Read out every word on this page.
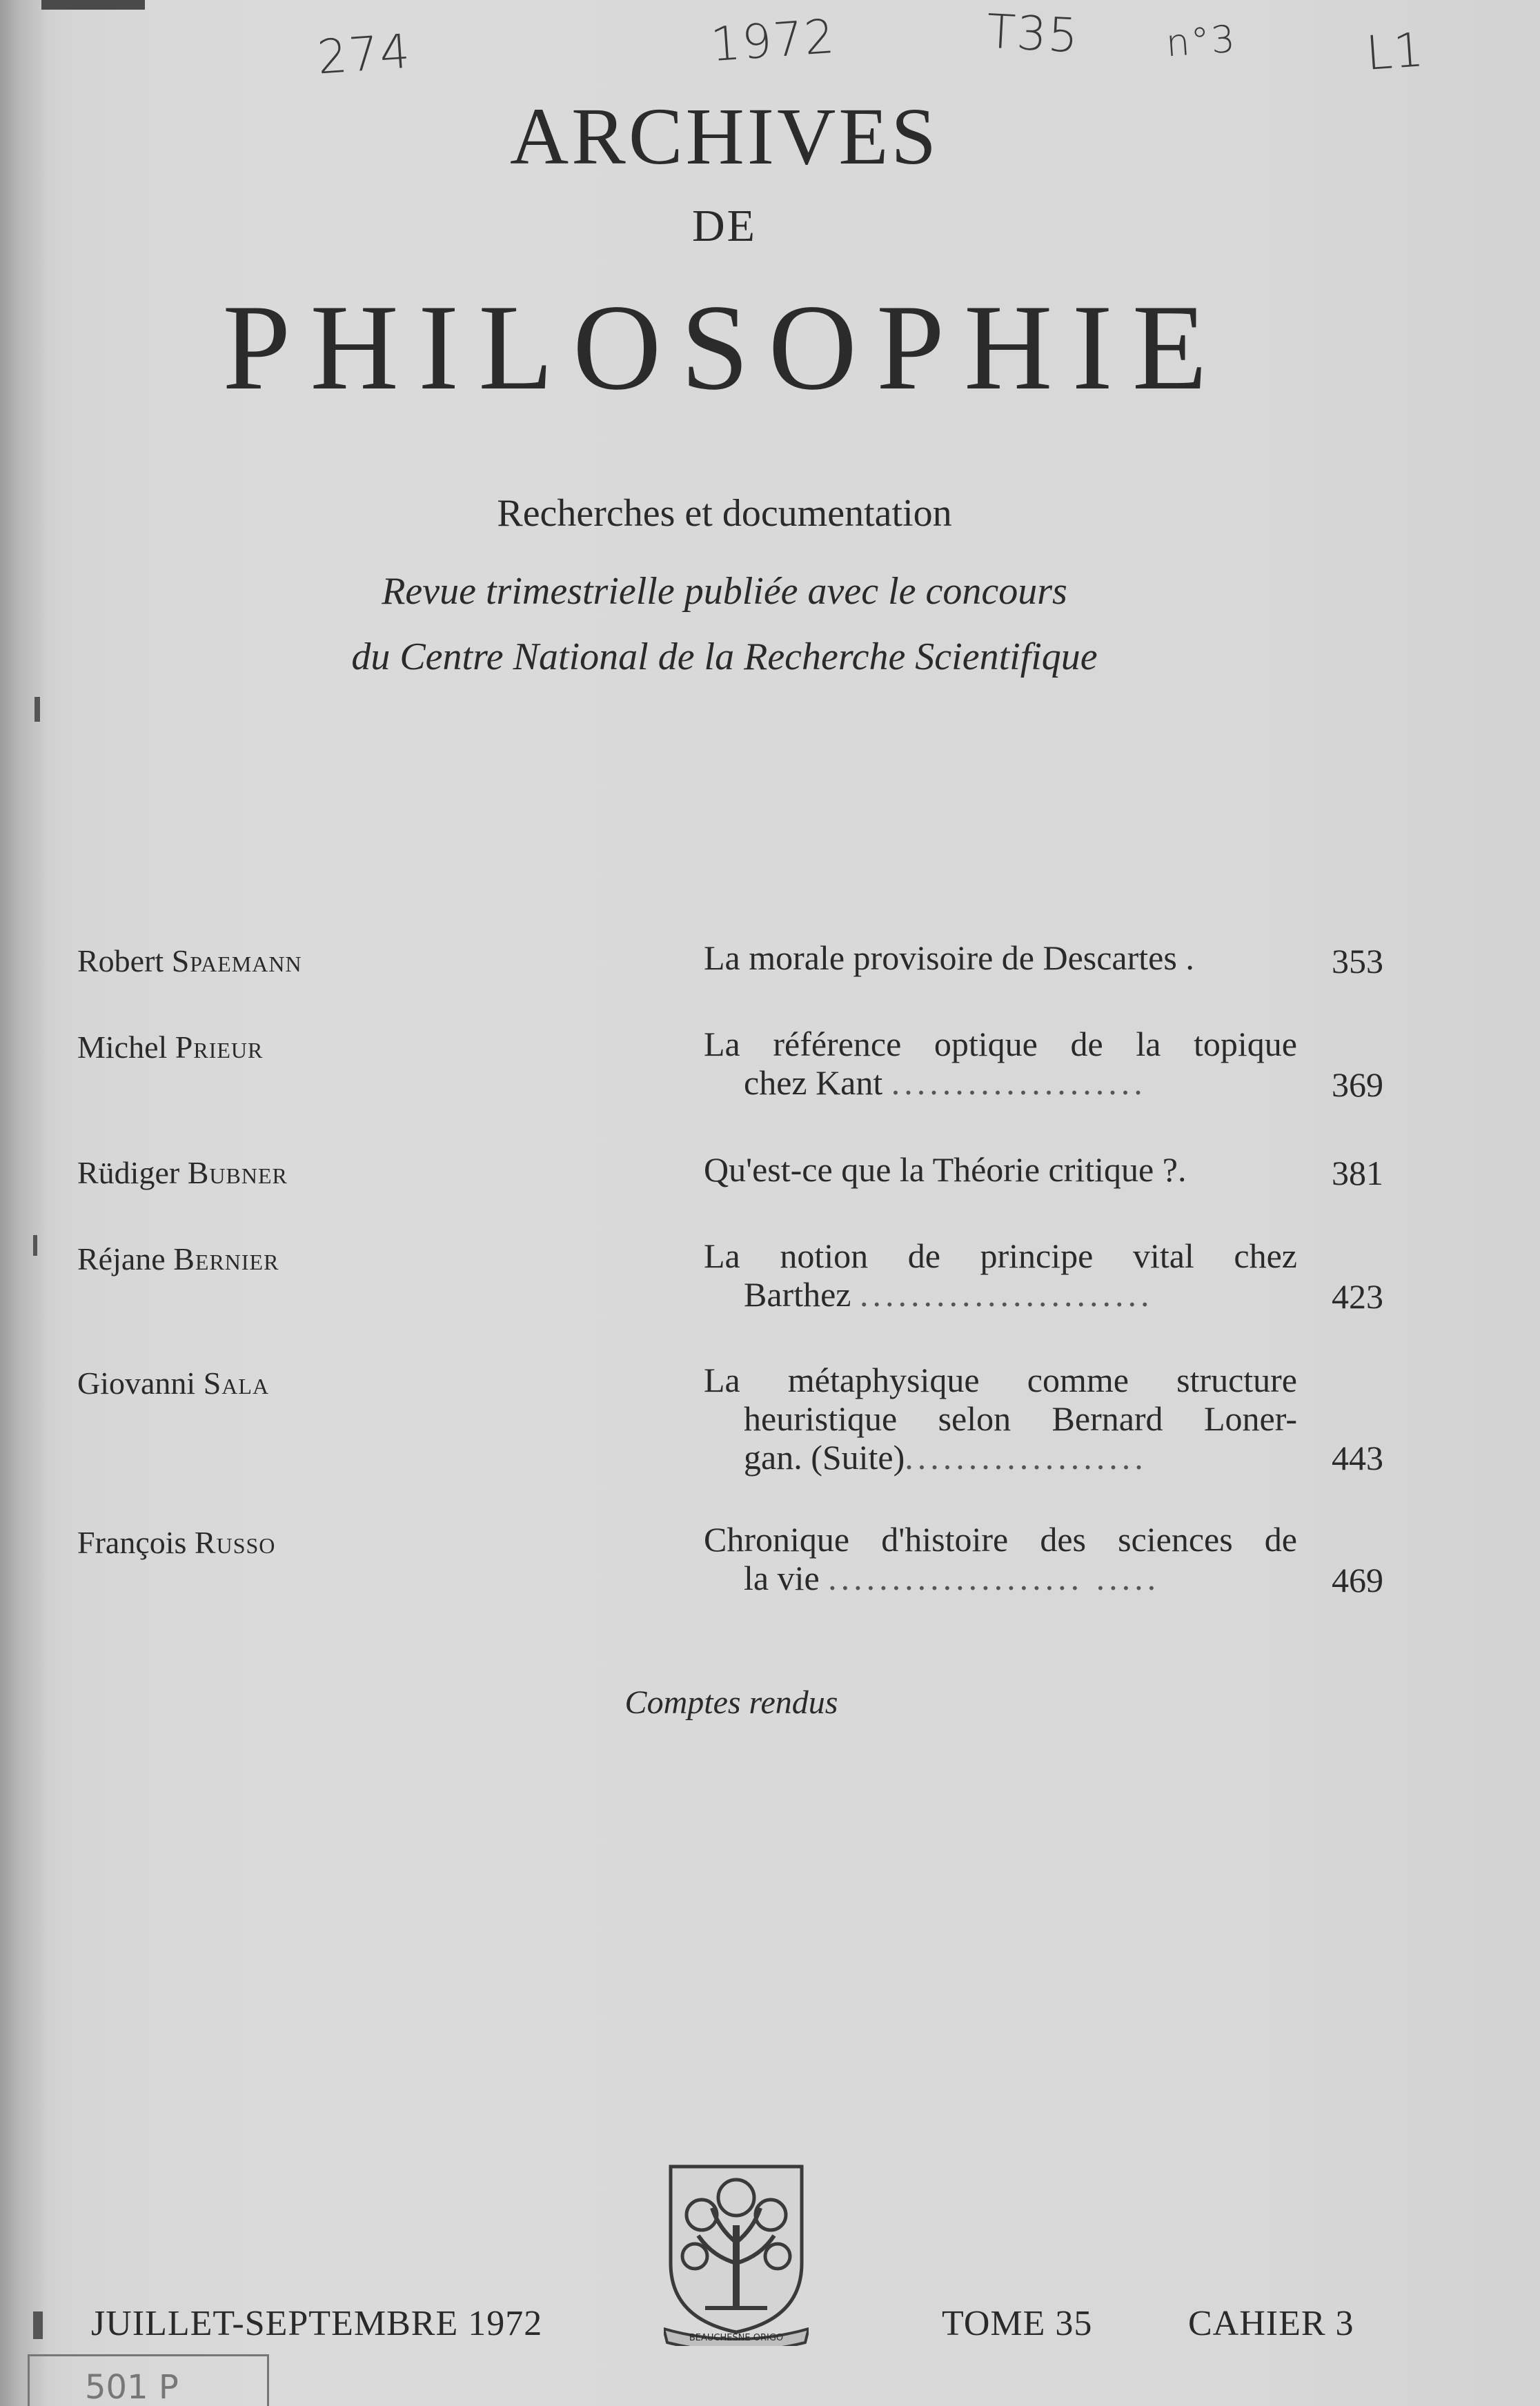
274	1972	T35 n°3	L1
ARCHIVES
DE
PHILOSOPHIE
Recherches et documentation
Revue trimestrielle publiée avec le concours
du Centre National de la Recherche Scientifique
Robert Spaemann	La morale provisoire de Descartes .	353
Michel Prieur	La référence optique de la topique
chez Kant ....................	369
Rüdiger Bubner	Qu'est-ce que la Théorie critique ?.	381
Réjane Bernier	La notion de principe vital chez
Barthez .......................	423
Giovanni Sala	La métaphysique comme structure
heuristique selon Bernard Loner-
gan. (Suite)...................	443
François Russo	Chronique d'histoire des sciences de
la vie .................... .....	469
Comptes rendus
BEAUCHESNE ORIGO
JUILLET-SEPTEMBRE 1972	TOME 35	CAHIER 3
501 P
